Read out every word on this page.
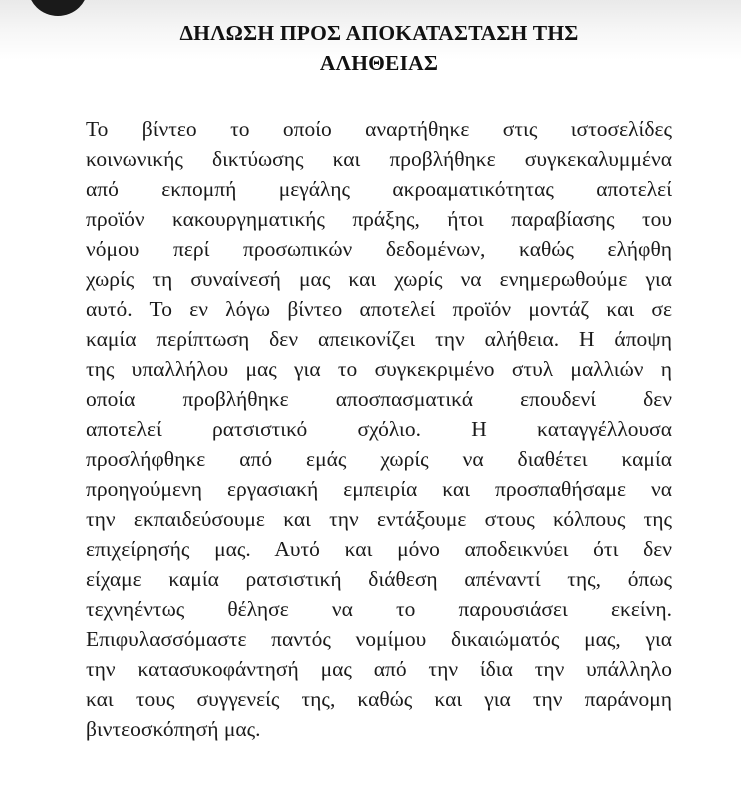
ΔΗΛΩΣΗ ΠΡΟΣ ΑΠΟΚΑΤΑΣΤΑΣΗ ΤΗΣ
ΑΛΗΘΕΙΑΣ
Το βίντεο το οποίο αναρτήθηκε στις ιστοσελίδες
κοινωνικής δικτύωσης και προβλήθηκε συγκεκαλυμμένα
από εκπομπή μεγάλης ακροαματικότητας αποτελεί
προϊόν κακουργηματικής πράξης, ήτοι παραβίασης του
νόμου περί προσωπικών δεδομένων, καθώς ελήφθη
χωρίς τη συναίνεσή μας και χωρίς να ενημερωθούμε για
αυτό. Το εν λόγω βίντεο αποτελεί προϊόν μοντάζ και σε
καμία περίπτωση δεν απεικονίζει την αλήθεια. Η άποψη
της υπαλλήλου μας για το συγκεκριμένο στυλ μαλλιών η
οποία προβλήθηκε αποσπασματικά επουδενί δεν
αποτελεί ρατσιστικό σχόλιο. Η καταγγέλλουσα
προσλήφθηκε από εμάς χωρίς να διαθέτει καμία
προηγούμενη εργασιακή εμπειρία και προσπαθήσαμε να
την εκπαιδεύσουμε και την εντάξουμε στους κόλπους της
επιχείρησής μας. Αυτό και μόνο αποδεικνύει ότι δεν
είχαμε καμία ρατσιστική διάθεση απέναντί της, όπως
τεχνηέντως θέλησε να το παρουσιάσει εκείνη.
Επιφυλασσόμαστε παντός νομίμου δικαιώματός μας, για
την κατασυκοφάντησή μας από την ίδια την υπάλληλο
και τους συγγενείς της, καθώς και για την παράνομη
βιντεοσκόπησή μας.
